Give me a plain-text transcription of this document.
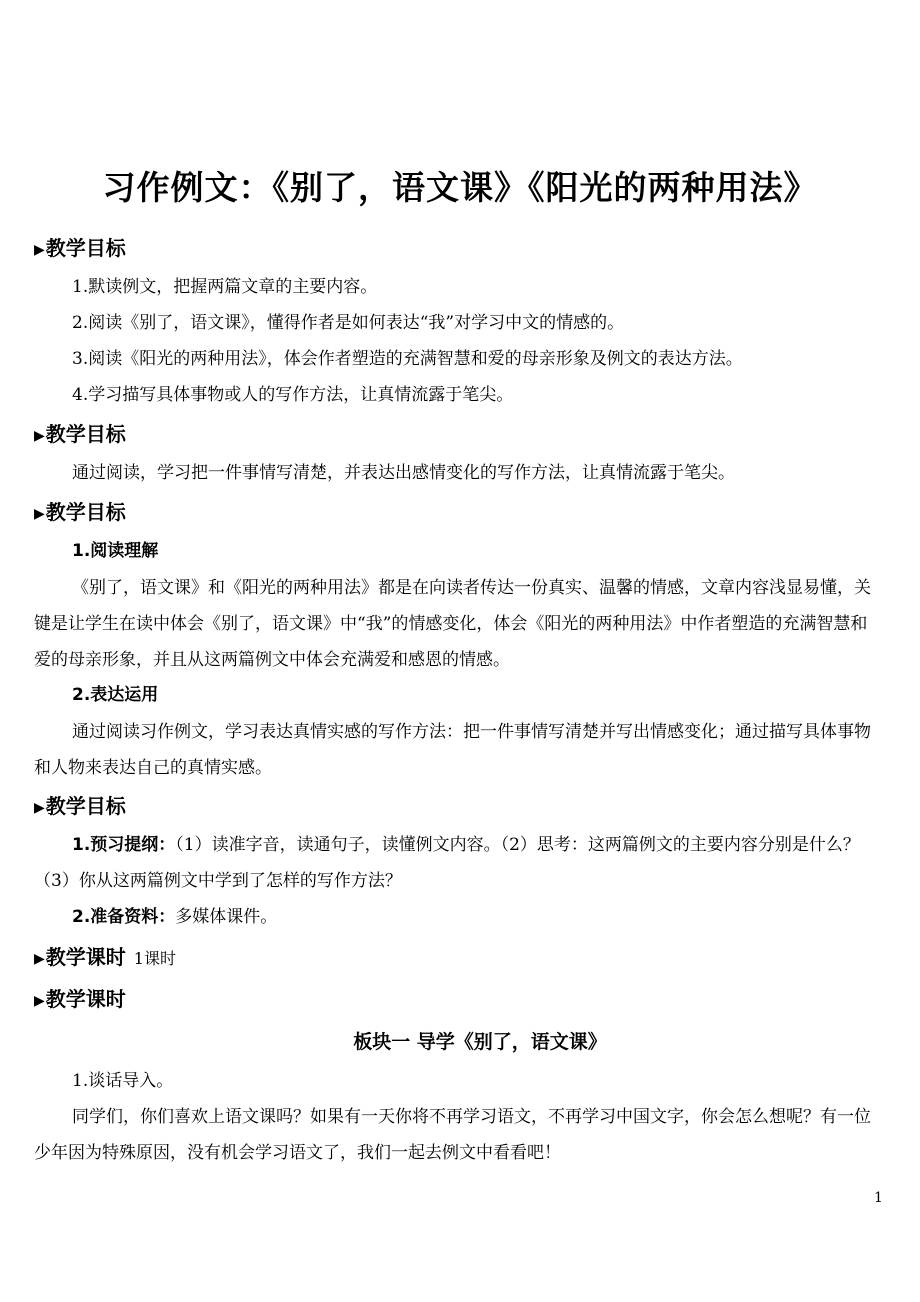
习作例文：《别了，语文课》《阳光的两种用法》
▶教学目标
1.默读例文，把握两篇文章的主要内容。
2.阅读《别了，语文课》，懂得作者是如何表达“我”对学习中文的情感的。
3.阅读《阳光的两种用法》，体会作者塑造的充满智慧和爱的母亲形象及例文的表达方法。
4.学习描写具体事物或人的写作方法，让真情流露于笔尖。
▶教学目标
通过阅读，学习把一件事情写清楚，并表达出感情变化的写作方法，让真情流露于笔尖。
▶教学目标
1.阅读理解
《别了，语文课》和《阳光的两种用法》都是在向读者传达一份真实、温馨的情感，文章内容浅显易懂，关键是让学生在读中体会《别了，语文课》中“我”的情感变化，体会《阳光的两种用法》中作者塑造的充满智慧和爱的母亲形象，并且从这两篇例文中体会充满爱和感恩的情感。
2.表达运用
通过阅读习作例文，学习表达真情实感的写作方法：把一件事情写清楚并写出情感变化；通过描写具体事物和人物来表达自己的真情实感。
▶教学目标
1.预习提纲：（1）读准字音，读通句子，读懂例文内容。（2）思考：这两篇例文的主要内容分别是什么？（3）你从这两篇例文中学到了怎样的写作方法？
2.准备资料：多媒体课件。
▶教学课时 1课时
▶教学课时
板块一 导学《别了，语文课》
1.谈话导入。
同学们，你们喜欢上语文课吗？如果有一天你将不再学习语文，不再学习中国文字，你会怎么想呢？有一位少年因为特殊原因，没有机会学习语文了，我们一起去例文中看看吧！
1
